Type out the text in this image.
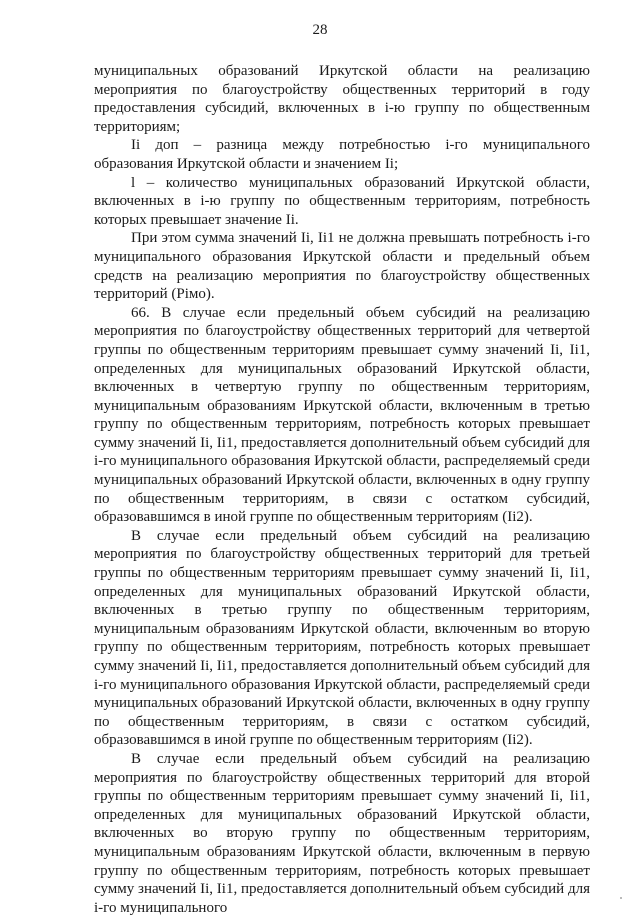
28

муниципальных образований Иркутской области на реализацию мероприятия по благоустройству общественных территорий в году предоставления субсидий, включенных в i-ю группу по общественным территориям;

Ii доп – разница между потребностью i-го муниципального образования Иркутской области и значением Ii;

l – количество муниципальных образований Иркутской области, включенных в i-ю группу по общественным территориям, потребность которых превышает значение Ii.

При этом сумма значений Ii, Ii1 не должна превышать потребность i-го муниципального образования Иркутской области и предельный объем средств на реализацию мероприятия по благоустройству общественных территорий (Piмо).

66. В случае если предельный объем субсидий на реализацию мероприятия по благоустройству общественных территорий для четвертой группы по общественным территориям превышает сумму значений Ii, Ii1, определенных для муниципальных образований Иркутской области, включенных в четвертую группу по общественным территориям, муниципальным образованиям Иркутской области, включенным в третью группу по общественным территориям, потребность которых превышает сумму значений Ii, Ii1, предоставляется дополнительный объем субсидий для i-го муниципального образования Иркутской области, распределяемый среди муниципальных образований Иркутской области, включенных в одну группу по общественным территориям, в связи с остатком субсидий, образовавшимся в иной группе по общественным территориям (Ii2).

В случае если предельный объем субсидий на реализацию мероприятия по благоустройству общественных территорий для третьей группы по общественным территориям превышает сумму значений Ii, Ii1, определенных для муниципальных образований Иркутской области, включенных в третью группу по общественным территориям, муниципальным образованиям Иркутской области, включенным во вторую группу по общественным территориям, потребность которых превышает сумму значений Ii, Ii1, предоставляется дополнительный объем субсидий для i-го муниципального образования Иркутской области, распределяемый среди муниципальных образований Иркутской области, включенных в одну группу по общественным территориям, в связи с остатком субсидий, образовавшимся в иной группе по общественным территориям (Ii2).

В случае если предельный объем субсидий на реализацию мероприятия по благоустройству общественных территорий для второй группы по общественным территориям превышает сумму значений Ii, Ii1, определенных для муниципальных образований Иркутской области, включенных во вторую группу по общественным территориям, муниципальным образованиям Иркутской области, включенным в первую группу по общественным территориям, потребность которых превышает сумму значений Ii, Ii1, предоставляется дополнительный объем субсидий для i-го муниципального
